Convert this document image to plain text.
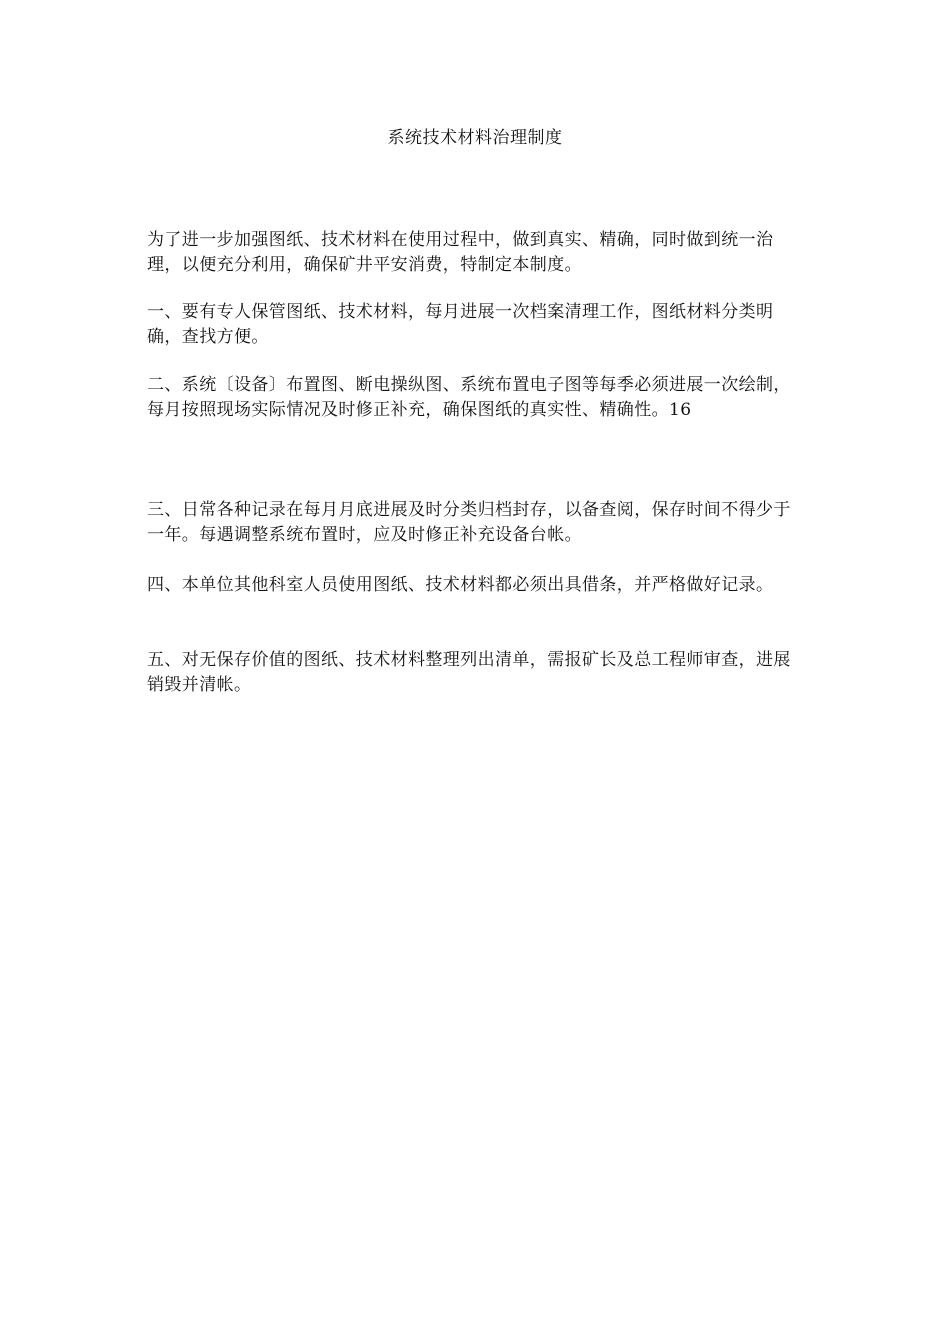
系统技术材料治理制度

为了进一步加强图纸、技术材料在使用过程中，做到真实、精确，同时做到统一治理，以便充分利用，确保矿井平安消费，特制定本制度。

一、要有专人保管图纸、技术材料，每月进展一次档案清理工作，图纸材料分类明确，查找方便。

二、系统〔设备〕布置图、断电操纵图、系统布置电子图等每季必须进展一次绘制，每月按照现场实际情况及时修正补充，确保图纸的真实性、精确性。16

三、日常各种记录在每月月底进展及时分类归档封存，以备查阅，保存时间不得少于一年。每遇调整系统布置时，应及时修正补充设备台帐。

四、本单位其他科室人员使用图纸、技术材料都必须出具借条，并严格做好记录。

五、对无保存价值的图纸、技术材料整理列出清单，需报矿长及总工程师审查，进展销毁并清帐。
